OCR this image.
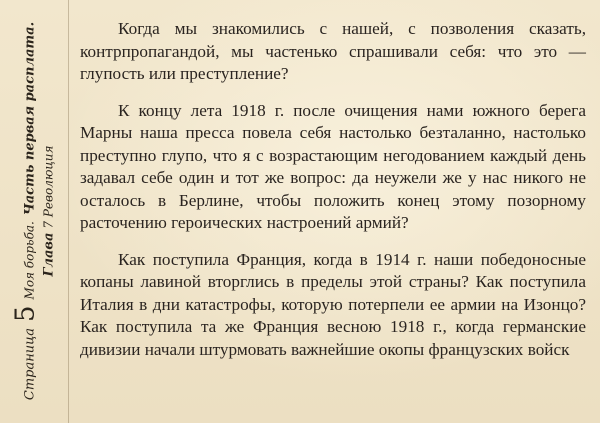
Страница
5
Моя борьба.
Часть первая расплата.
Глава
7 Революция

Когда мы знакомились с нашей, с позволения сказать, контрпропагандой, мы частенько спрашивали себя: что это — глупость или преступление?

К концу лета 1918 г. после очищения нами южного берега Марны наша пресса повела себя настолько безталанно, настолько преступно глупо, что я с возрастающим негодованием каждый день задавал себе один и тот же вопрос: да неужели же у нас никого не осталось в Берлине, чтобы положить конец этому позорному расточению героических настроений армий?

Как поступила Франция, когда в 1914 г. наши победоносные копаны лавиной вторглись в пределы этой страны? Как поступила Италия в дни катастрофы, которую потерпели ее армии на Изонцо? Как поступила та же Франция весною 1918 г., когда германские дивизии начали штурмовать важнейшие окопы французских войск
